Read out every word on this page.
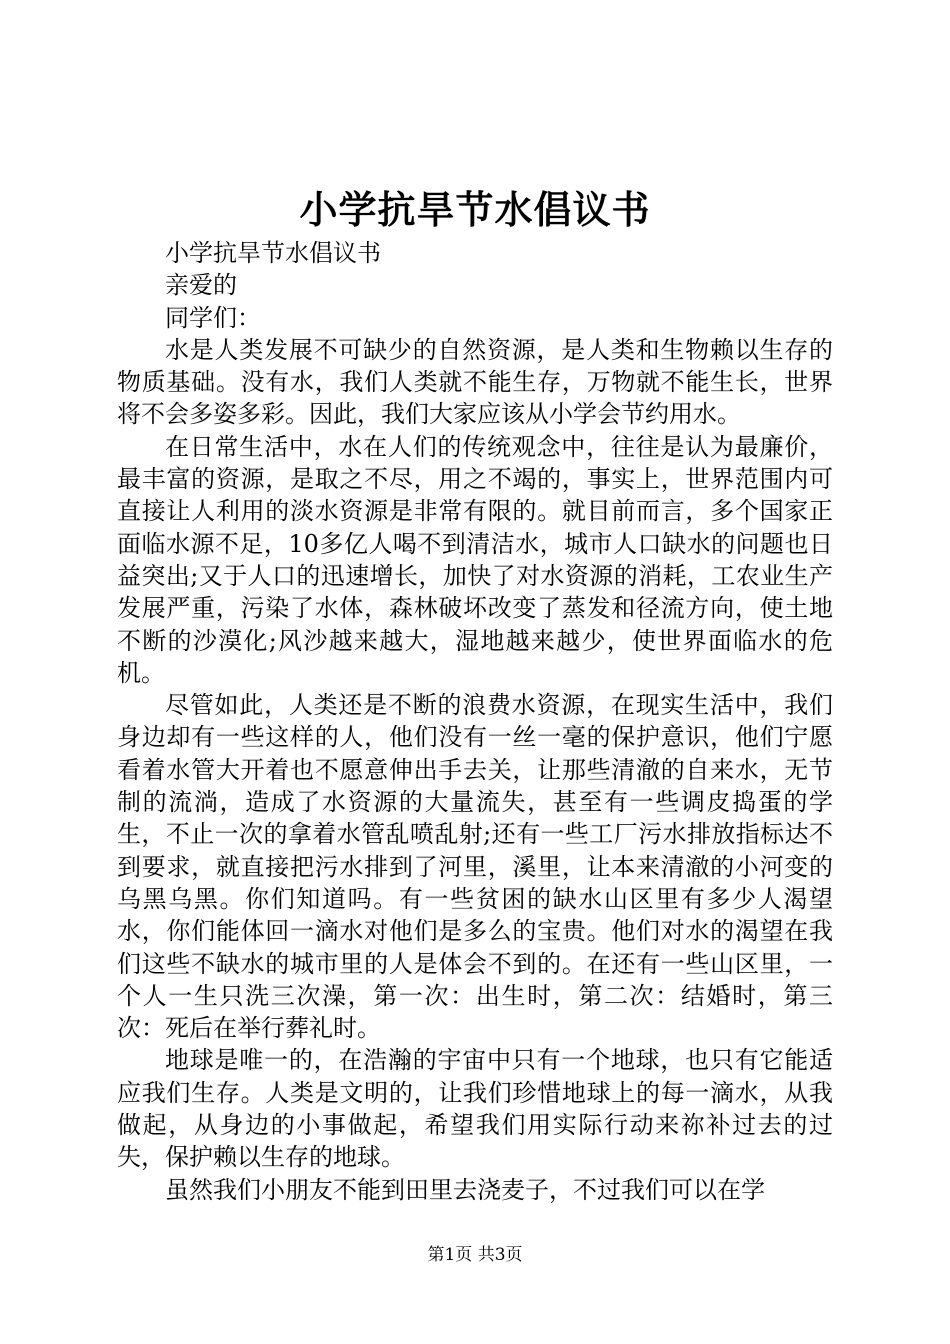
小学抗旱节水倡议书

小学抗旱节水倡议书

亲爱的

同学们：

水是人类发展不可缺少的自然资源，是人类和生物赖以生存的物质基础。没有水，我们人类就不能生存，万物就不能生长，世界将不会多姿多彩。因此，我们大家应该从小学会节约用水。

在日常生活中，水在人们的传统观念中，往往是认为最廉价，最丰富的资源，是取之不尽，用之不竭的，事实上，世界范围内可直接让人利用的淡水资源是非常有限的。就目前而言，多个国家正面临水源不足，10多亿人喝不到清洁水，城市人口缺水的问题也日益突出;又于人口的迅速增长，加快了对水资源的消耗，工农业生产发展严重，污染了水体，森林破坏改变了蒸发和径流方向，使土地不断的沙漠化;风沙越来越大，湿地越来越少，使世界面临水的危机。

尽管如此，人类还是不断的浪费水资源，在现实生活中，我们身边却有一些这样的人，他们没有一丝一毫的保护意识，他们宁愿看着水管大开着也不愿意伸出手去关，让那些清澈的自来水，无节制的流淌，造成了水资源的大量流失，甚至有一些调皮捣蛋的学生，不止一次的拿着水管乱喷乱射;还有一些工厂污水排放指标达不到要求，就直接把污水排到了河里，溪里，让本来清澈的小河变的乌黑乌黑。你们知道吗。有一些贫困的缺水山区里有多少人渴望水，你们能体回一滴水对他们是多么的宝贵。他们对水的渴望在我们这些不缺水的城市里的人是体会不到的。在还有一些山区里，一个人一生只洗三次澡，第一次：出生时，第二次：结婚时，第三次：死后在举行葬礼时。

地球是唯一的，在浩瀚的宇宙中只有一个地球，也只有它能适应我们生存。人类是文明的，让我们珍惜地球上的每一滴水，从我做起，从身边的小事做起，希望我们用实际行动来祢补过去的过失，保护赖以生存的地球。

虽然我们小朋友不能到田里去浇麦子，不过我们可以在学

第1页 共3页
